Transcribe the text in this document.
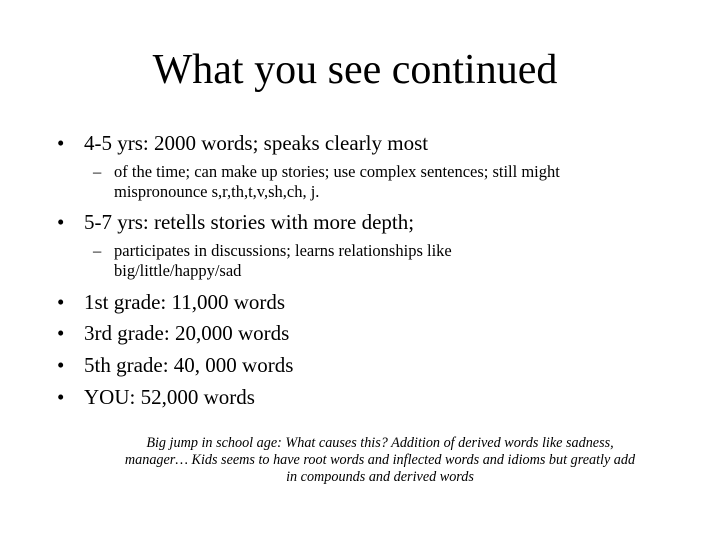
What you see continued
• 4-5 yrs: 2000 words; speaks clearly most
– of the time; can make up stories; use complex sentences; still might
mispronounce s,r,th,t,v,sh,ch, j.
• 5-7 yrs: retells stories with more depth;
– participates in discussions; learns relationships like
big/little/happy/sad
• 1st grade: 11,000 words
• 3rd grade: 20,000 words
• 5th grade: 40, 000 words
• YOU: 52,000 words
Big jump in school age: What causes this? Addition of derived words like sadness,
manager… Kids seems to have root words and inflected words and idioms but greatly add
in compounds and derived words
